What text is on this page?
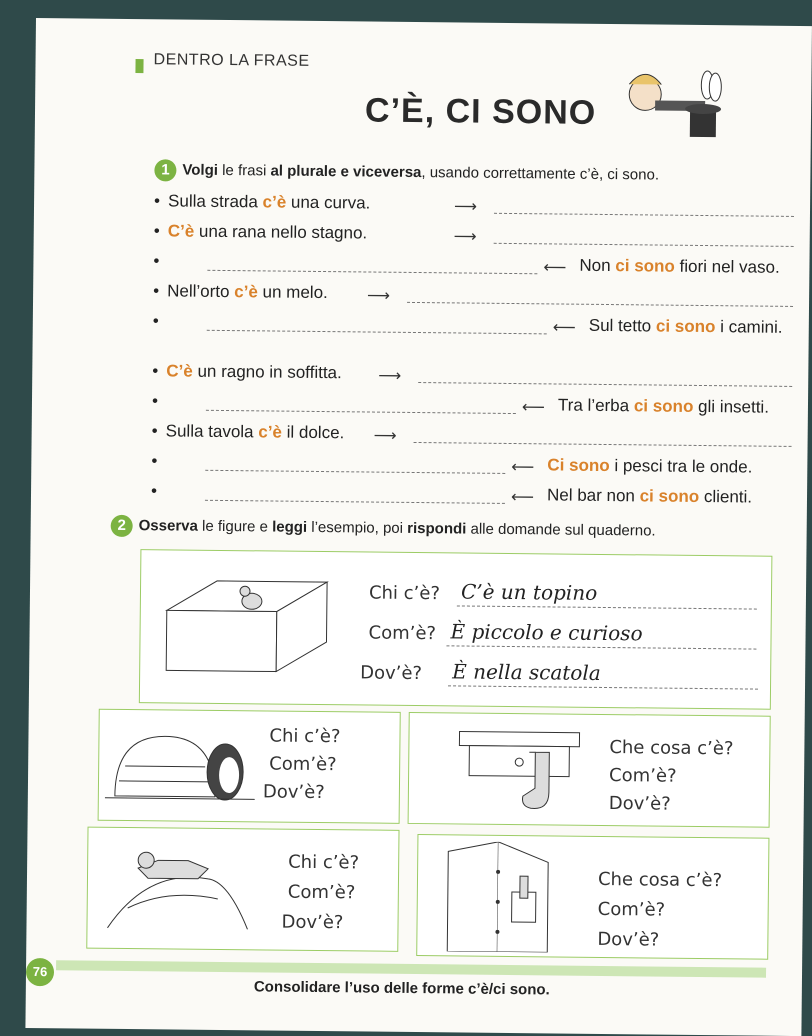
DENTRO LA FRASE
C’È, CI SONO
1 Volgi le frasi al plurale e viceversa, usando correttamente c’è, ci sono.
• Sulla strada c’è una curva.	⟶
• C’è una rana nello stagno.	⟶
•	⟵ Non ci sono fiori nel vaso.
• Nell’orto c’è un melo. ⟶
•	⟵ Sul tetto ci sono i camini.
• C’è un ragno in soffitta. ⟶
•	⟵ Tra l’erba ci sono gli insetti.
• Sulla tavola c’è il dolce. ⟶
•	⟵ Ci sono i pesci tra le onde.
•	⟵ Nel bar non ci sono clienti.
2 Osserva le figure e leggi l’esempio, poi rispondi alle domande sul quaderno.
Chi c’è? C’è un topino
Com’è? È piccolo e curioso
Dov’è? È nella scatola
Chi c’è?
Com’è?
Dov’è?
Che cosa c’è?
Com’è?
Dov’è?
Chi c’è?
Com’è?
Dov’è?
Che cosa c’è?
Com’è?
Dov’è?
76
Consolidare l’uso delle forme c’è/ci sono.
